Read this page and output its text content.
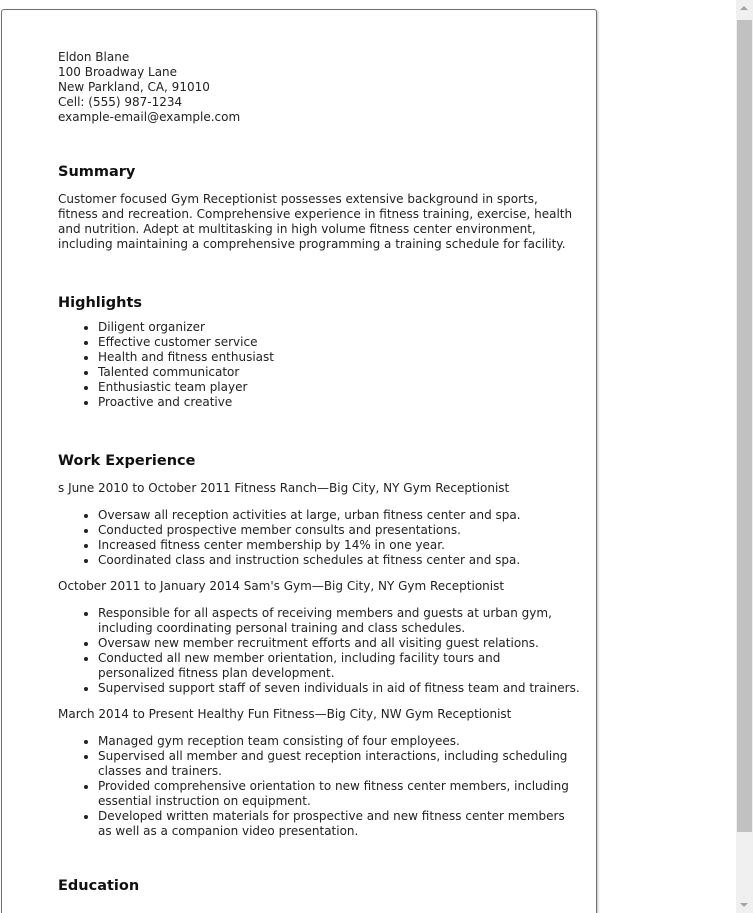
Eldon Blane
100 Broadway Lane
New Parkland, CA, 91010
Cell: (555) 987-1234
example-email@example.com
Summary

Customer focused Gym Receptionist possesses extensive background in sports, fitness and recreation. Comprehensive experience in fitness training, exercise, health and nutrition. Adept at multitasking in high volume fitness center environment, including maintaining a comprehensive programming a training schedule for facility.

Highlights
• Diligent organizer
• Effective customer service
• Health and fitness enthusiast
• Talented communicator
• Enthusiastic team player
• Proactive and creative
Work Experience
s June 2010 to October 2011 Fitness Ranch—Big City, NY Gym Receptionist
• Oversaw all reception activities at large, urban fitness center and spa.
• Conducted prospective member consults and presentations.
• Increased fitness center membership by 14% in one year.
• Coordinated class and instruction schedules at fitness center and spa.
October 2011 to January 2014 Sam's Gym—Big City, NY Gym Receptionist
• Responsible for all aspects of receiving members and guests at urban gym, including coordinating personal training and class schedules.
• Oversaw new member recruitment efforts and all visiting guest relations.
• Conducted all new member orientation, including facility tours and personalized fitness plan development.
• Supervised support staff of seven individuals in aid of fitness team and trainers.
March 2014 to Present Healthy Fun Fitness—Big City, NW Gym Receptionist
• Managed gym reception team consisting of four employees.
• Supervised all member and guest reception interactions, including scheduling classes and trainers.
• Provided comprehensive orientation to new fitness center members, including essential instruction on equipment.
• Developed written materials for prospective and new fitness center members as well as a companion video presentation.
Education
